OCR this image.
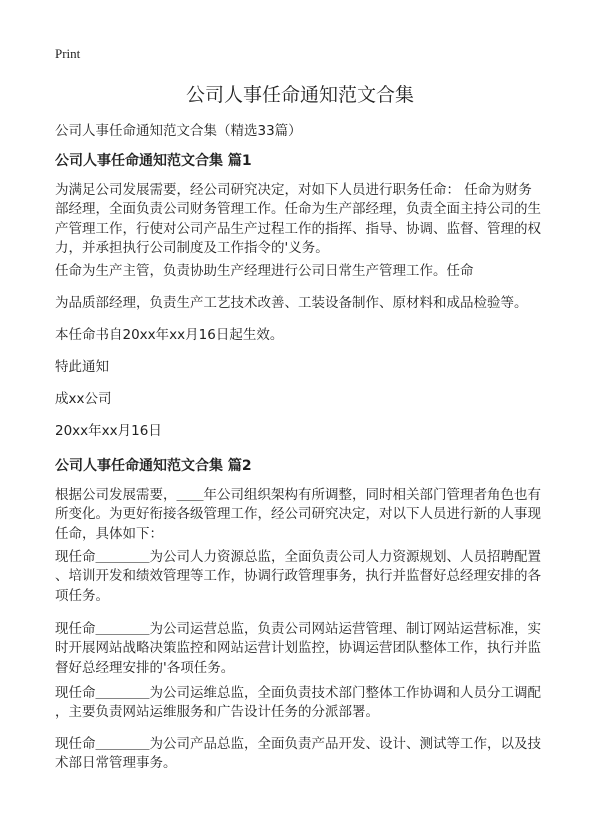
Print
公司人事任命通知范文合集
公司人事任命通知范文合集（精选33篇）
公司人事任命通知范文合集 篇1
为满足公司发展需要，经公司研究决定，对如下人员进行职务任命： 任命为财务
部经理，全面负责公司财务管理工作。任命为生产部经理，负责全面主持公司的生
产管理工作，行使对公司产品生产过程工作的指挥、指导、协调、监督、管理的权
力，并承担执行公司制度及工作指令的'义务。
任命为生产主管，负责协助生产经理进行公司日常生产管理工作。任命
为品质部经理，负责生产工艺技术改善、工装设备制作、原材料和成品检验等。
本任命书自20xx年xx月16日起生效。
特此通知
成xx公司
20xx年xx月16日
公司人事任命通知范文合集 篇2
根据公司发展需要，＿＿年公司组织架构有所调整，同时相关部门管理者角色也有
所变化。为更好衔接各级管理工作，经公司研究决定，对以下人员进行新的人事现
任命，具体如下：
现任命＿＿＿＿为公司人力资源总监，全面负责公司人力资源规划、人员招聘配置
、培训开发和绩效管理等工作，协调行政管理事务，执行并监督好总经理安排的各
项任务。
现任命＿＿＿＿为公司运营总监，负责公司网站运营管理、制订网站运营标准，实
时开展网站战略决策监控和网站运营计划监控，协调运营团队整体工作，执行并监
督好总经理安排的'各项任务。
现任命＿＿＿＿为公司运维总监，全面负责技术部门整体工作协调和人员分工调配
，主要负责网站运维服务和广告设计任务的分派部署。
现任命＿＿＿＿为公司产品总监，全面负责产品开发、设计、测试等工作，以及技
术部日常管理事务。
